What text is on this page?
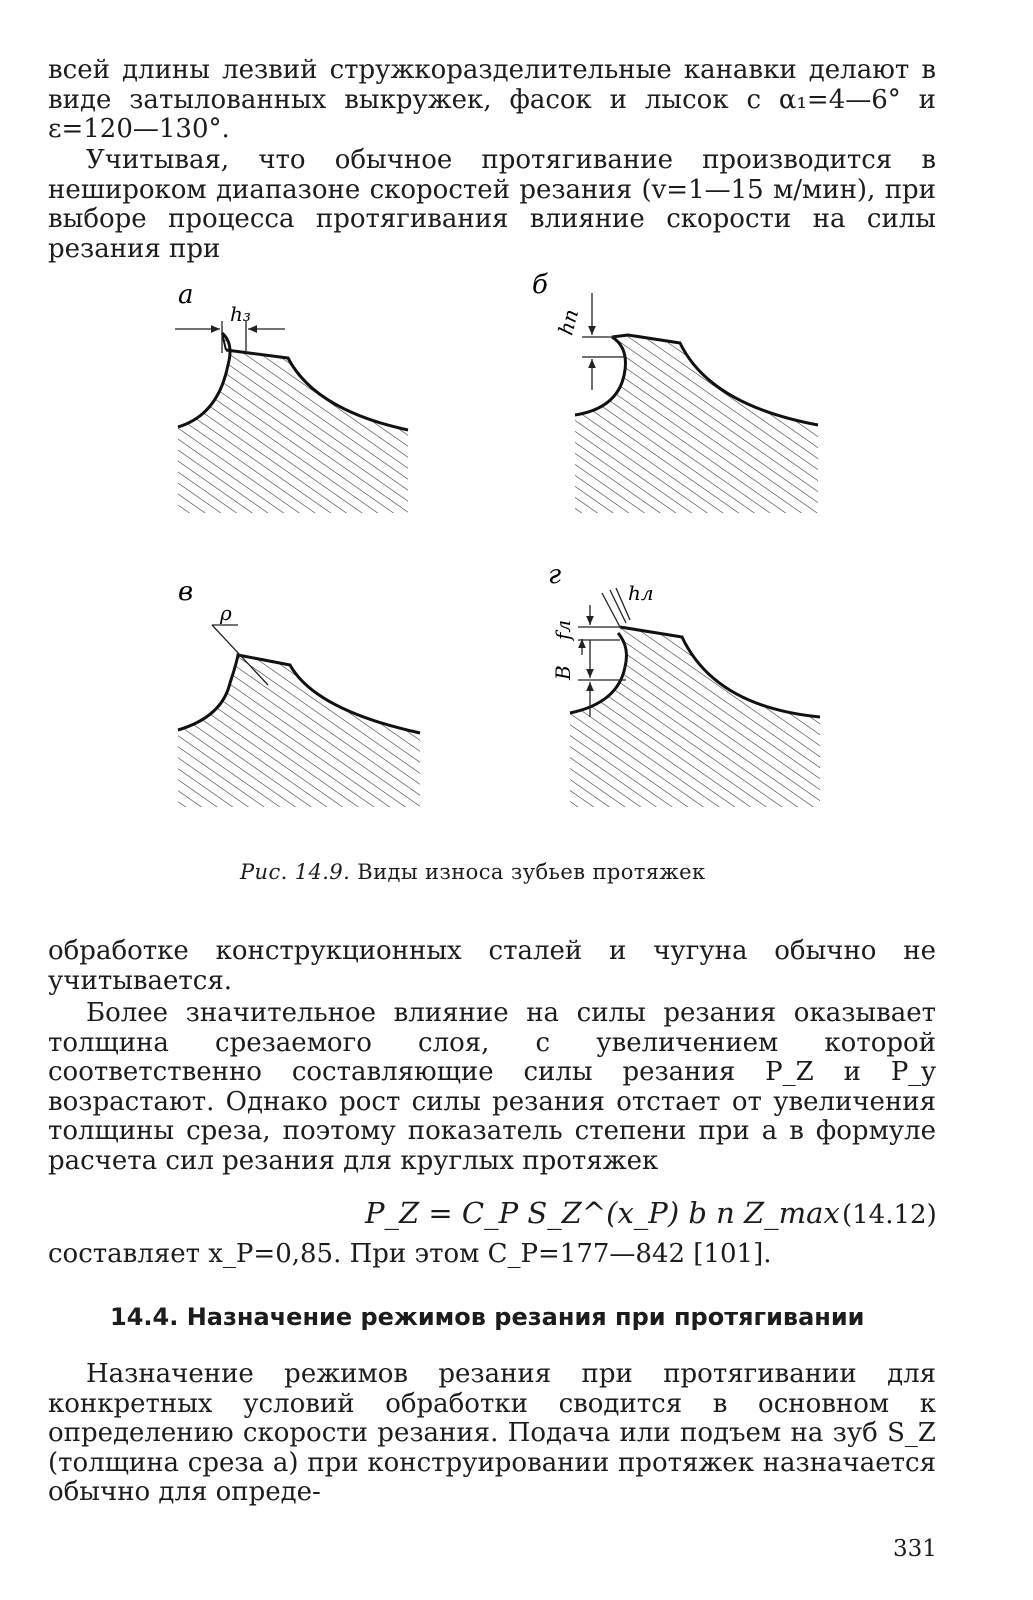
всей длины лезвий стружкоразделительные канавки делают в виде затылованных выкружек, фасок и лысок с α₁=4—6° и ε=120—130°.
Учитывая, что обычное протягивание производится в нешироком диапазоне скоростей резания (v=1—15 м/мин), при выборе процесса протягивания влияние скорости на силы резания при
а
h₃
б
hп
в
ρ
г
fл
hл
B
Рис. 14.9. Виды износа зубьев протяжек
обработке конструкционных сталей и чугуна обычно не учитывается.
Более значительное влияние на силы резания оказывает толщина срезаемого слоя, с увеличением которой соответственно составляющие силы резания P_Z и P_y возрастают. Однако рост силы резания отстает от увеличения толщины среза, поэтому показатель степени при a в формуле расчета сил резания для круглых протяжек
P_Z = C_P S_Z^(x_P) b n Z_max (14.12)
составляет x_P=0,85. При этом C_P=177—842 [101].
14.4. Назначение режимов резания при протягивании
Назначение режимов резания при протягивании для конкретных условий обработки сводится в основном к определению скорости резания. Подача или подъем на зуб S_Z (толщина среза a) при конструировании протяжек назначается обычно для опреде-
331
